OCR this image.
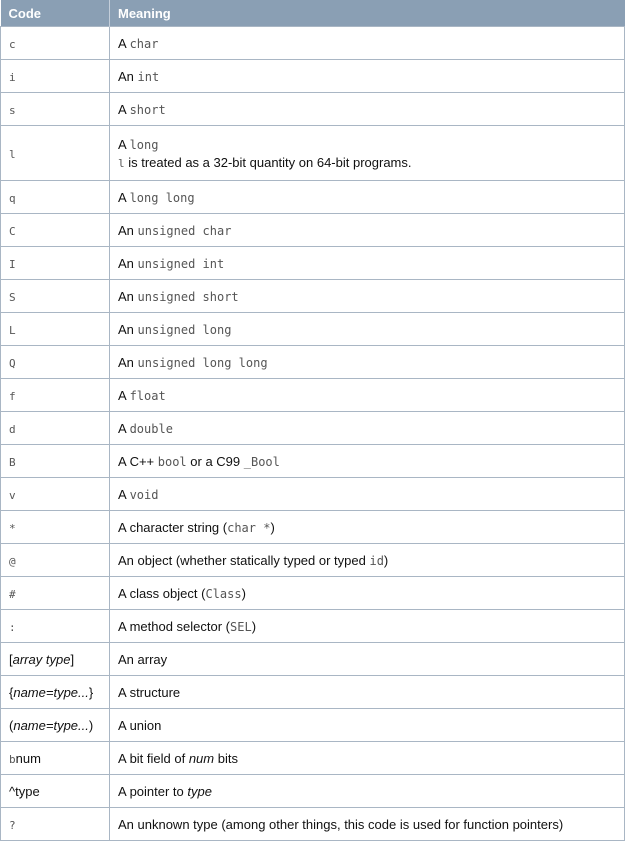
Code	Meaning
c	A char
i	An int
s	A short
l	A long
l is treated as a 32-bit quantity on 64-bit programs.

q	A long long
C	An unsigned char
I	An unsigned int
S	An unsigned short
L	An unsigned long
Q	An unsigned long long
f	A float
d	A double
B	A C++ bool or a C99 _Bool
v	A void
*	A character string (char *)
@	An object (whether statically typed or typed id)
#	A class object (Class)
:	A method selector (SEL)
[array type]	An array
{name=type...}	A structure
(name=type...)	A union
bnum	A bit field of num bits
^type	A pointer to type
?	An unknown type (among other things, this code is used for function pointers)
